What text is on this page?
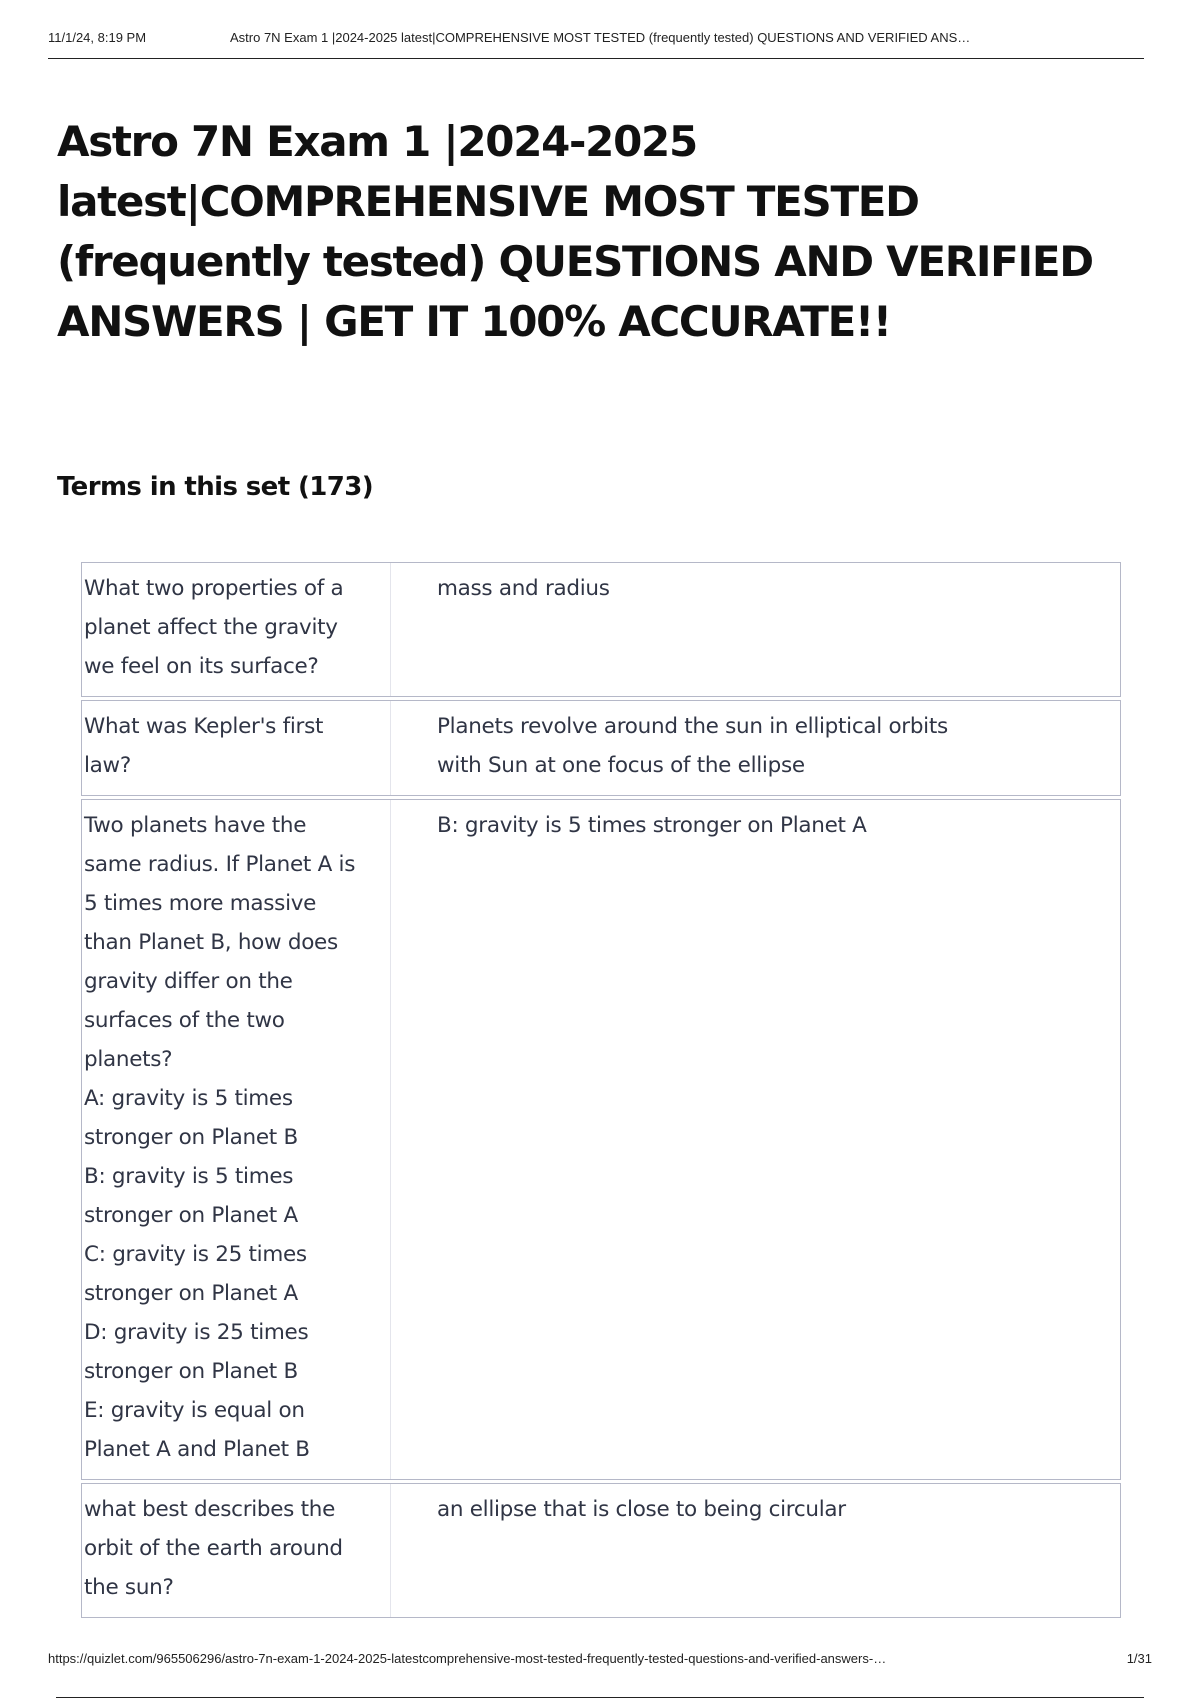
11/1/24, 8:19 PM	Astro 7N Exam 1 |2024-2025 latest|COMPREHENSIVE MOST TESTED (frequently tested) QUESTIONS AND VERIFIED ANS…
Astro 7N Exam 1 |2024-2025 latest|COMPREHENSIVE MOST TESTED (frequently tested) QUESTIONS AND VERIFIED ANSWERS | GET IT 100% ACCURATE!!
Terms in this set (173)
What two properties of a
planet affect the gravity
we feel on its surface?
mass and radius
What was Kepler's first
law?
Planets revolve around the sun in elliptical orbits
with Sun at one focus of the ellipse
Two planets have the
same radius. If Planet A is
5 times more massive
than Planet B, how does
gravity differ on the
surfaces of the two
planets?
A: gravity is 5 times
stronger on Planet B
B: gravity is 5 times
stronger on Planet A
C: gravity is 25 times
stronger on Planet A
D: gravity is 25 times
stronger on Planet B
E: gravity is equal on
Planet A and Planet B
B: gravity is 5 times stronger on Planet A
what best describes the
orbit of the earth around
the sun?
an ellipse that is close to being circular
https://quizlet.com/965506296/astro-7n-exam-1-2024-2025-latestcomprehensive-most-tested-frequently-tested-questions-and-verified-answers-…	1/31
